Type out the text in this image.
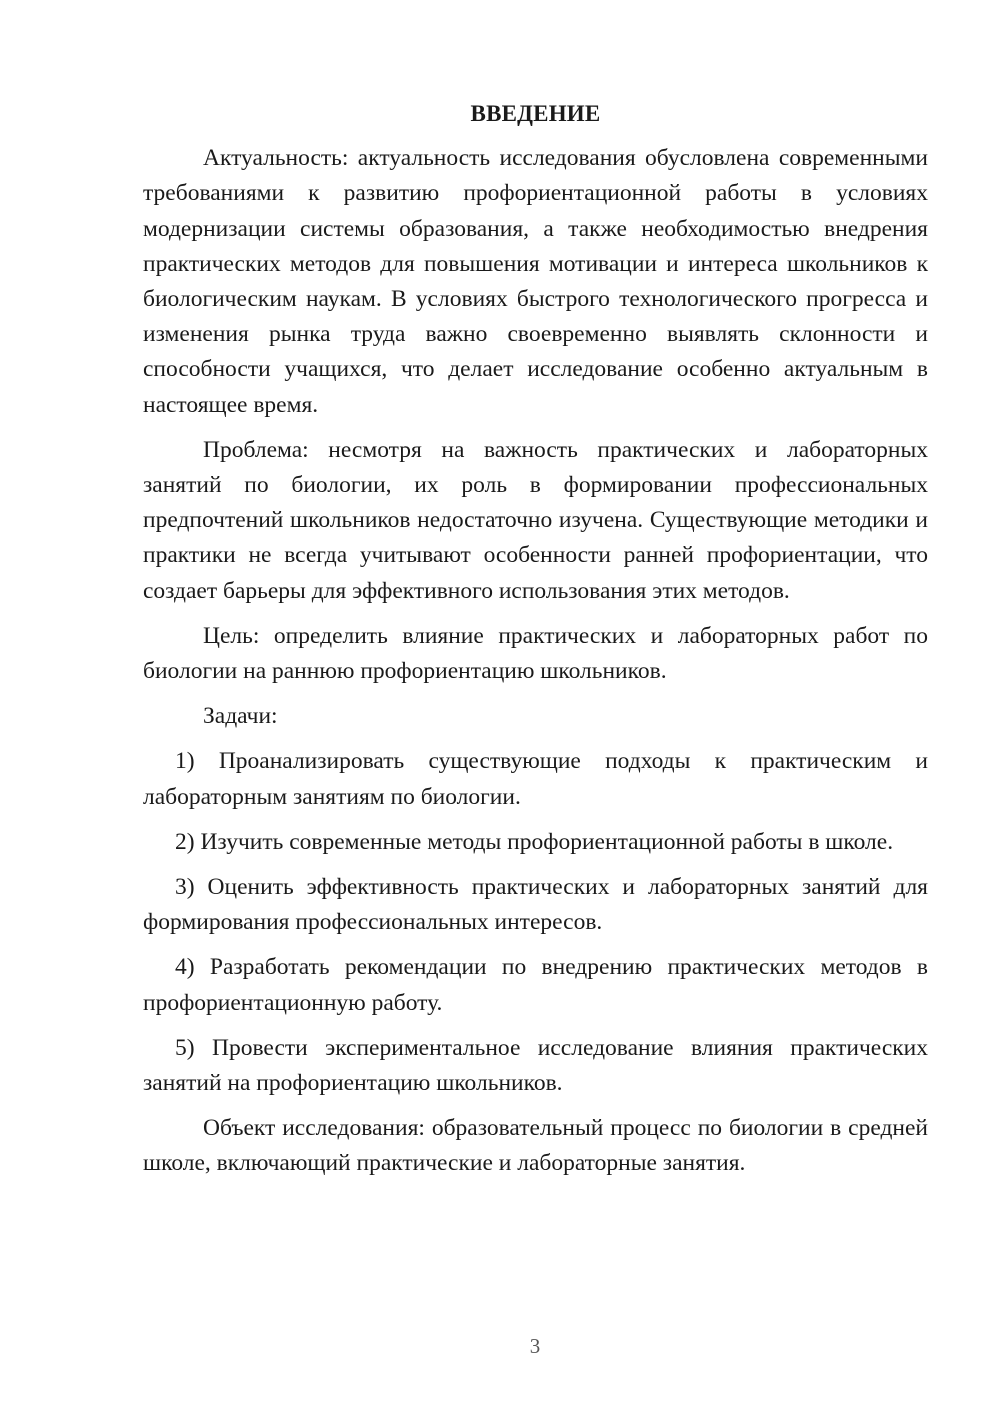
ВВЕДЕНИЕ

Актуальность: актуальность исследования обусловлена современными требованиями к развитию профориентационной работы в условиях модернизации системы образования, а также необходимостью внедрения практических методов для повышения мотивации и интереса школьников к биологическим наукам. В условиях быстрого технологического прогресса и изменения рынка труда важно своевременно выявлять склонности и способности учащихся, что делает исследование особенно актуальным в настоящее время.

Проблема: несмотря на важность практических и лабораторных занятий по биологии, их роль в формировании профессиональных предпочтений школьников недостаточно изучена. Существующие методики и практики не всегда учитывают особенности ранней профориентации, что создает барьеры для эффективного использования этих методов.

Цель: определить влияние практических и лабораторных работ по биологии на раннюю профориентацию школьников.

Задачи:

1) Проанализировать существующие подходы к практическим и лабораторным занятиям по биологии.

2) Изучить современные методы профориентационной работы в школе.

3) Оценить эффективность практических и лабораторных занятий для формирования профессиональных интересов.

4) Разработать рекомендации по внедрению практических методов в профориентационную работу.

5) Провести экспериментальное исследование влияния практических занятий на профориентацию школьников.

Объект исследования: образовательный процесс по биологии в средней школе, включающий практические и лабораторные занятия.

3
